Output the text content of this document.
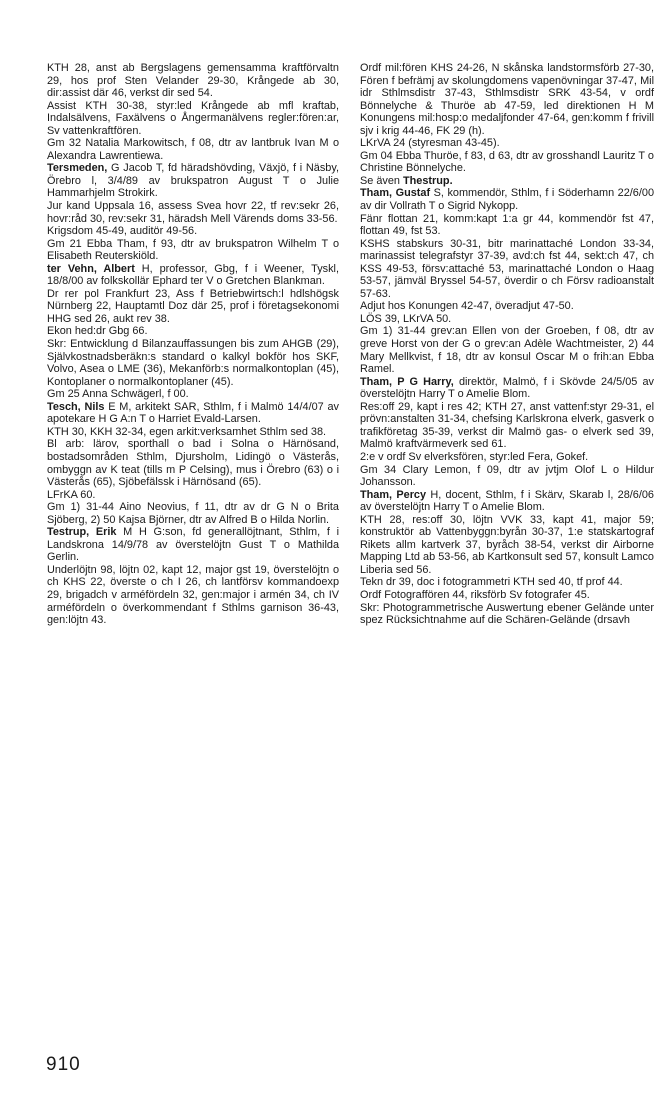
KTH 28, anst ab Bergslagens gemensamma kraftförvaltn 29, hos prof Sten Velander 29-30, Krångede ab 30, dir:assist där 46, verkst dir sed 54.

Assist KTH 30-38, styr:led Krångede ab mfl kraftab, Indalsälvens, Faxälvens o Ångermanälvens regler:fören:ar, Sv vattenkraftfören.

Gm 32 Natalia Markowitsch, f 08, dtr av lantbruk Ivan M o Alexandra Lawrentiewa.

Tersmeden, G Jacob T, fd häradshövding, Växjö, f i Näsby, Örebro l, 3/4/89 av brukspatron August T o Julie Hammarhjelm Strokirk.

Jur kand Uppsala 16, assess Svea hovr 22, tf rev:sekr 26, hovr:råd 30, rev:sekr 31, häradsh Mell Värends doms 33-56.

Krigsdom 45-49, auditör 49-56.

Gm 21 Ebba Tham, f 93, dtr av brukspatron Wilhelm T o Elisabeth Reuterskiöld.

ter Vehn, Albert H, professor, Gbg, f i Weener, Tyskl, 18/8/00 av folkskollär Ephard ter V o Gretchen Blankman.

Dr rer pol Frankfurt 23, Ass f Betriebwirtsch:l hdlshögsk Nürnberg 22, Hauptamtl Doz där 25, prof i företagsekonomi HHG sed 26, aukt rev 38.

Ekon hed:dr Gbg 66.

Skr: Entwicklung d Bilanzauffassungen bis zum AHGB (29), Självkostnadsberäkn:s standard o kalkyl bokför hos SKF, Volvo, Asea o LME (36), Mekanförb:s normalkontoplan (45), Kontoplaner o normalkontoplaner (45).

Gm 25 Anna Schwägerl, f 00.

Tesch, Nils E M, arkitekt SAR, Sthlm, f i Malmö 14/4/07 av apotekare H G A:n T o Harriet Evald-Larsen.

KTH 30, KKH 32-34, egen arkit:verksamhet Sthlm sed 38.

Bl arb: lärov, sporthall o bad i Solna o Härnösand, bostadsområden Sthlm, Djursholm, Lidingö o Västerås, ombyggn av K teat (tills m P Celsing), mus i Örebro (63) o i Västerås (65), Sjöbefälssk i Härnösand (65).

LFrKA 60.

Gm 1) 31-44 Aino Neovius, f 11, dtr av dr G N o Brita Sjöberg, 2) 50 Kajsa Björner, dtr av Alfred B o Hilda Norlin.

Testrup, Erik M H G:son, fd generallöjtnant, Sthlm, f i Landskrona 14/9/78 av överstelöjtn Gust T o Mathilda Gerlin.

Underlöjtn 98, löjtn 02, kapt 12, major gst 19, överstelöjtn o ch KHS 22, överste o ch I 26, ch lantförsv kommandoexp 29, brigadch v arméfördeln 32, gen:major i armén 34, ch IV arméfördeln o överkommendant f Sthlms garnison 36-43, gen:löjtn 43.

Ordf mil:fören KHS 24-26, N skånska landstormsförb 27-30, Fören f befrämj av skolungdomens vapenövningar 37-47, Mil idr Sthlmsdistr 37-43, Sthlmsdistr SRK 43-54, v ordf Bönnelyche & Thuröe ab 47-59, led direktionen H M Konungens mil:hosp:o medaljfonder 47-64, gen:komm f frivill sjv i krig 44-46, FK 29 (h).

LKrVA 24 (styresman 43-45).

Gm 04 Ebba Thuröe, f 83, d 63, dtr av grosshandl Lauritz T o Christine Bönnelyche.

Se även Thestrup.

Tham, Gustaf S, kommendör, Sthlm, f i Söderhamn 22/6/00 av dir Vollrath T o Sigrid Nykopp.

Fänr flottan 21, komm:kapt 1:a gr 44, kommendör fst 47, flottan 49, fst 53.

KSHS stabskurs 30-31, bitr marinattaché London 33-34, marinassist telegrafstyr 37-39, avd:ch fst 44, sekt:ch 47, ch KSS 49-53, försv:attaché 53, marinattaché London o Haag 53-57, jämväl Bryssel 54-57, överdir o ch Försv radioanstalt 57-63.

Adjut hos Konungen 42-47, överadjut 47-50.

LÖS 39, LKrVA 50.

Gm 1) 31-44 grev:an Ellen von der Groeben, f 08, dtr av greve Horst von der G o grev:an Adèle Wachtmeister, 2) 44 Mary Mellkvist, f 18, dtr av konsul Oscar M o frih:an Ebba Ramel.

Tham, P G Harry, direktör, Malmö, f i Skövde 24/5/05 av överstelöjtn Harry T o Amelie Blom.

Res:off 29, kapt i res 42; KTH 27, anst vattenf:styr 29-31, el prövn:anstalten 31-34, chefsing Karlskrona elverk, gasverk o trafikföretag 35-39, verkst dir Malmö gas- o elverk sed 39, Malmö kraftvärmeverk sed 61.

2:e v ordf Sv elverksfören, styr:led Fera, Gokef.

Gm 34 Clary Lemon, f 09, dtr av jvtjm Olof L o Hildur Johansson.

Tham, Percy H, docent, Sthlm, f i Skärv, Skarab l, 28/6/06 av överstelöjtn Harry T o Amelie Blom.

KTH 28, res:off 30, löjtn VVK 33, kapt 41, major 59; konstruktör ab Vattenbyggn:byrån 30-37, 1:e statskartograf Rikets allm kartverk 37, byråch 38-54, verkst dir Airborne Mapping Ltd ab 53-56, ab Kartkonsult sed 57, konsult Lamco Liberia sed 56.

Tekn dr 39, doc i fotogrammetri KTH sed 40, tf prof 44.

Ordf Fotograffören 44, riksförb Sv fotografer 45.

Skr: Photogrammetrische Auswertung ebener Gelände unter spez Rücksichtnahme auf die Schären-Gelände (drsavh

910
